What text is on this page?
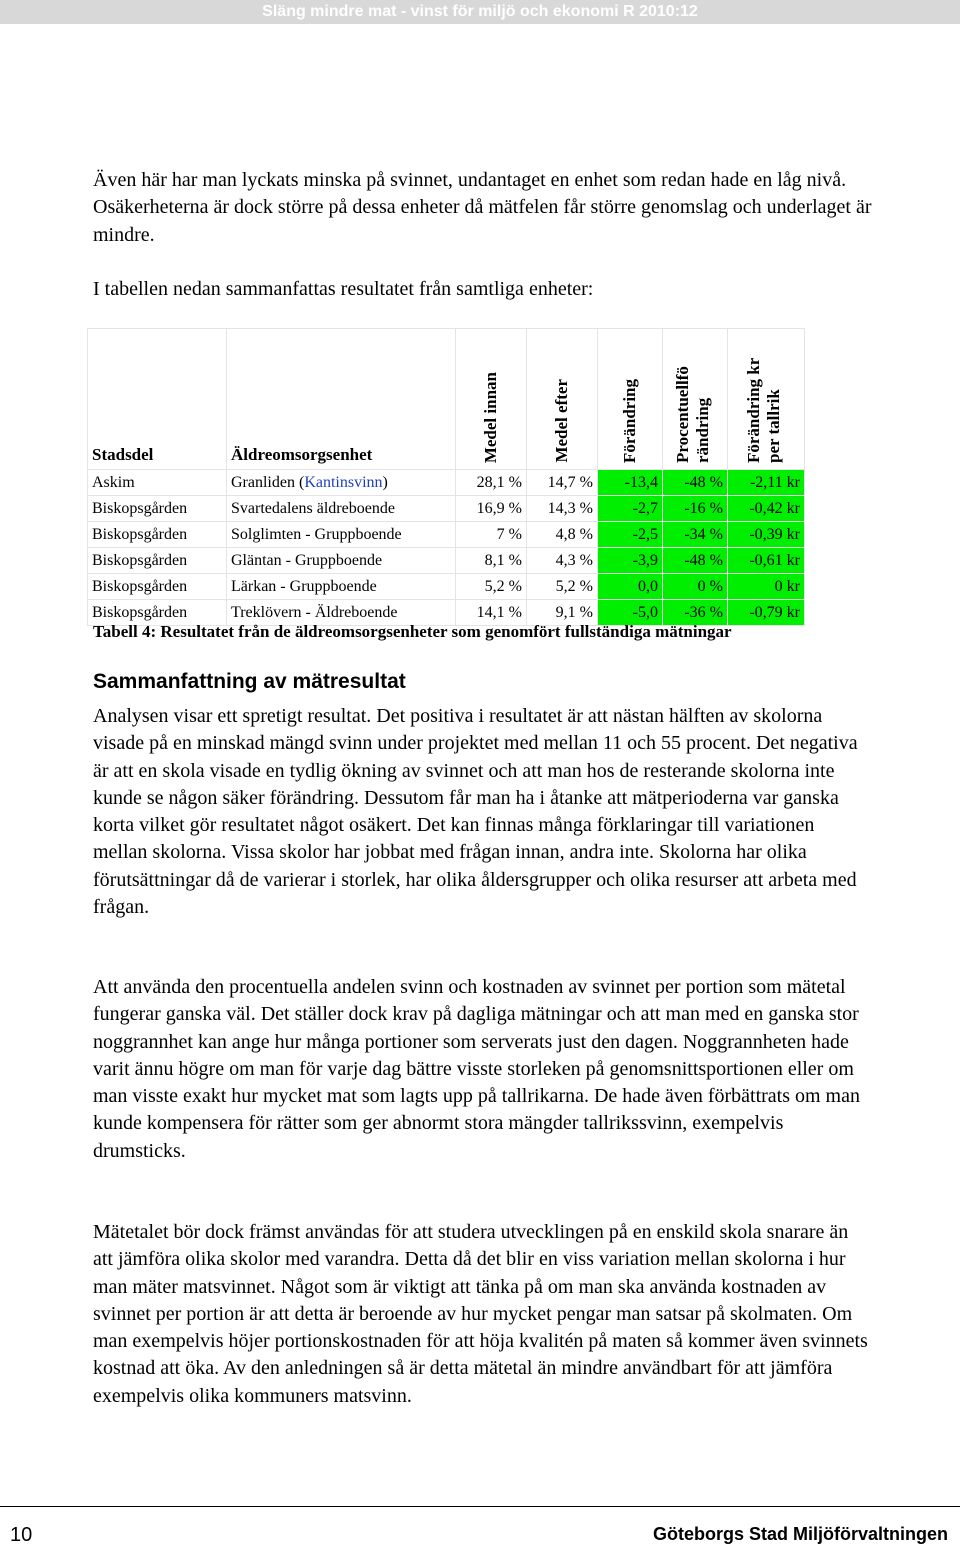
Släng mindre mat - vinst för miljö och ekonomi R 2010:12

Även här har man lyckats minska på svinnet, undantaget en enhet som redan hade en låg nivå. Osäkerheterna är dock större på dessa enheter då mätfelen får större genomslag och underlaget är mindre.

I tabellen nedan sammanfattas resultatet från samtliga enheter:

Stadsdel	Äldreomsorgsenhet	Medel innan	Medel efter	Förändring	Procentuellfö rändring	Förändring kr per tallrik

Askim	Granliden (Kantinsvinn)	28,1 %	14,7 %	-13,4	-48 %	-2,11 kr
Biskopsgården	Svartedalens äldreboende	16,9 %	14,3 %	-2,7	-16 %	-0,42 kr
Biskopsgården	Solglimten - Gruppboende	7 %	4,8 %	-2,5	-34 %	-0,39 kr
Biskopsgården	Gläntan - Gruppboende	8,1 %	4,3 %	-3,9	-48 %	-0,61 kr
Biskopsgården	Lärkan - Gruppboende	5,2 %	5,2 %	0,0	0 %	0 kr
Biskopsgården	Treklövern - Äldreboende	14,1 %	9,1 %	-5,0	-36 %	-0,79 kr

Tabell 4: Resultatet från de äldreomsorgsenheter som genomfört fullständiga mätningar

Sammanfattning av mätresultat

Analysen visar ett spretigt resultat. Det positiva i resultatet är att nästan hälften av skolorna visade på en minskad mängd svinn under projektet med mellan 11 och 55 procent. Det negativa är att en skola visade en tydlig ökning av svinnet och att man hos de resterande skolorna inte kunde se någon säker förändring. Dessutom får man ha i åtanke att mätperioderna var ganska korta vilket gör resultatet något osäkert. Det kan finnas många förklaringar till variationen mellan skolorna. Vissa skolor har jobbat med frågan innan, andra inte. Skolorna har olika förutsättningar då de varierar i storlek, har olika åldersgrupper och olika resurser att arbeta med frågan.

Att använda den procentuella andelen svinn och kostnaden av svinnet per portion som mätetal fungerar ganska väl. Det ställer dock krav på dagliga mätningar och att man med en ganska stor noggrannhet kan ange hur många portioner som serverats just den dagen. Noggrannheten hade varit ännu högre om man för varje dag bättre visste storleken på genomsnittsportionen eller om man visste exakt hur mycket mat som lagts upp på tallrikarna. De hade även förbättrats om man kunde kompensera för rätter som ger abnormt stora mängder tallrikssvinn, exempelvis drumsticks.

Mätetalet bör dock främst användas för att studera utvecklingen på en enskild skola snarare än att jämföra olika skolor med varandra. Detta då det blir en viss variation mellan skolorna i hur man mäter matsvinnet. Något som är viktigt att tänka på om man ska använda kostnaden av svinnet per portion är att detta är beroende av hur mycket pengar man satsar på skolmaten. Om man exempelvis höjer portionskostnaden för att höja kvalitén på maten så kommer även svinnets kostnad att öka. Av den anledningen så är detta mätetal än mindre användbart för att jämföra exempelvis olika kommuners matsvinn.

10	Göteborgs Stad Miljöförvaltningen
